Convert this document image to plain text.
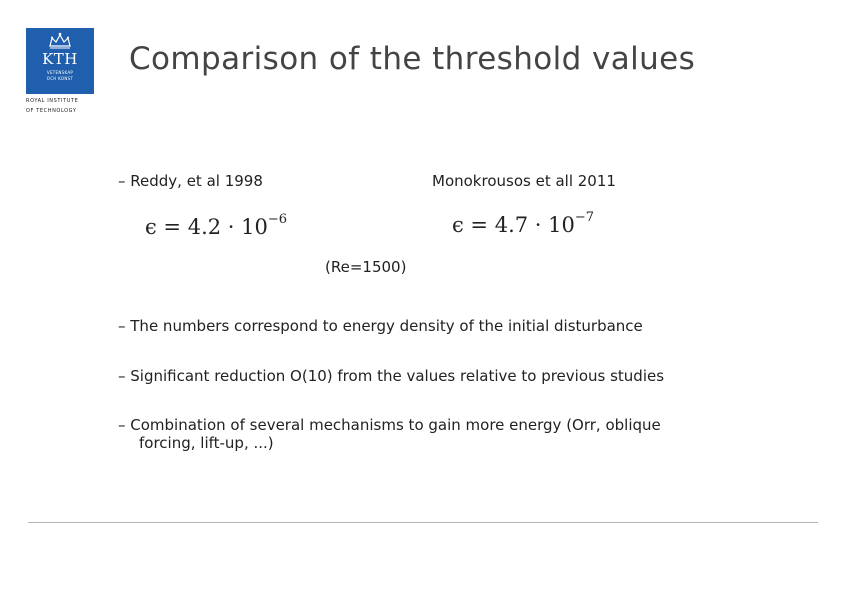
KTH
VETENSKAP
OCH KONST
ROYAL INSTITUTE
OF TECHNOLOGY
Comparison of the threshold values
– Reddy, et al 1998	Monokrousos et all 2011
$\epsilon = 4.2 \cdot 10^{-6}$	$\epsilon = 4.7 \cdot 10^{-7}$
(Re=1500)
– The numbers correspond to energy density of the initial disturbance
– Significant reduction O(10) from the values relative to previous studies
– Combination of several mechanisms to gain more energy (Orr, oblique
forcing, lift-up, ...)
